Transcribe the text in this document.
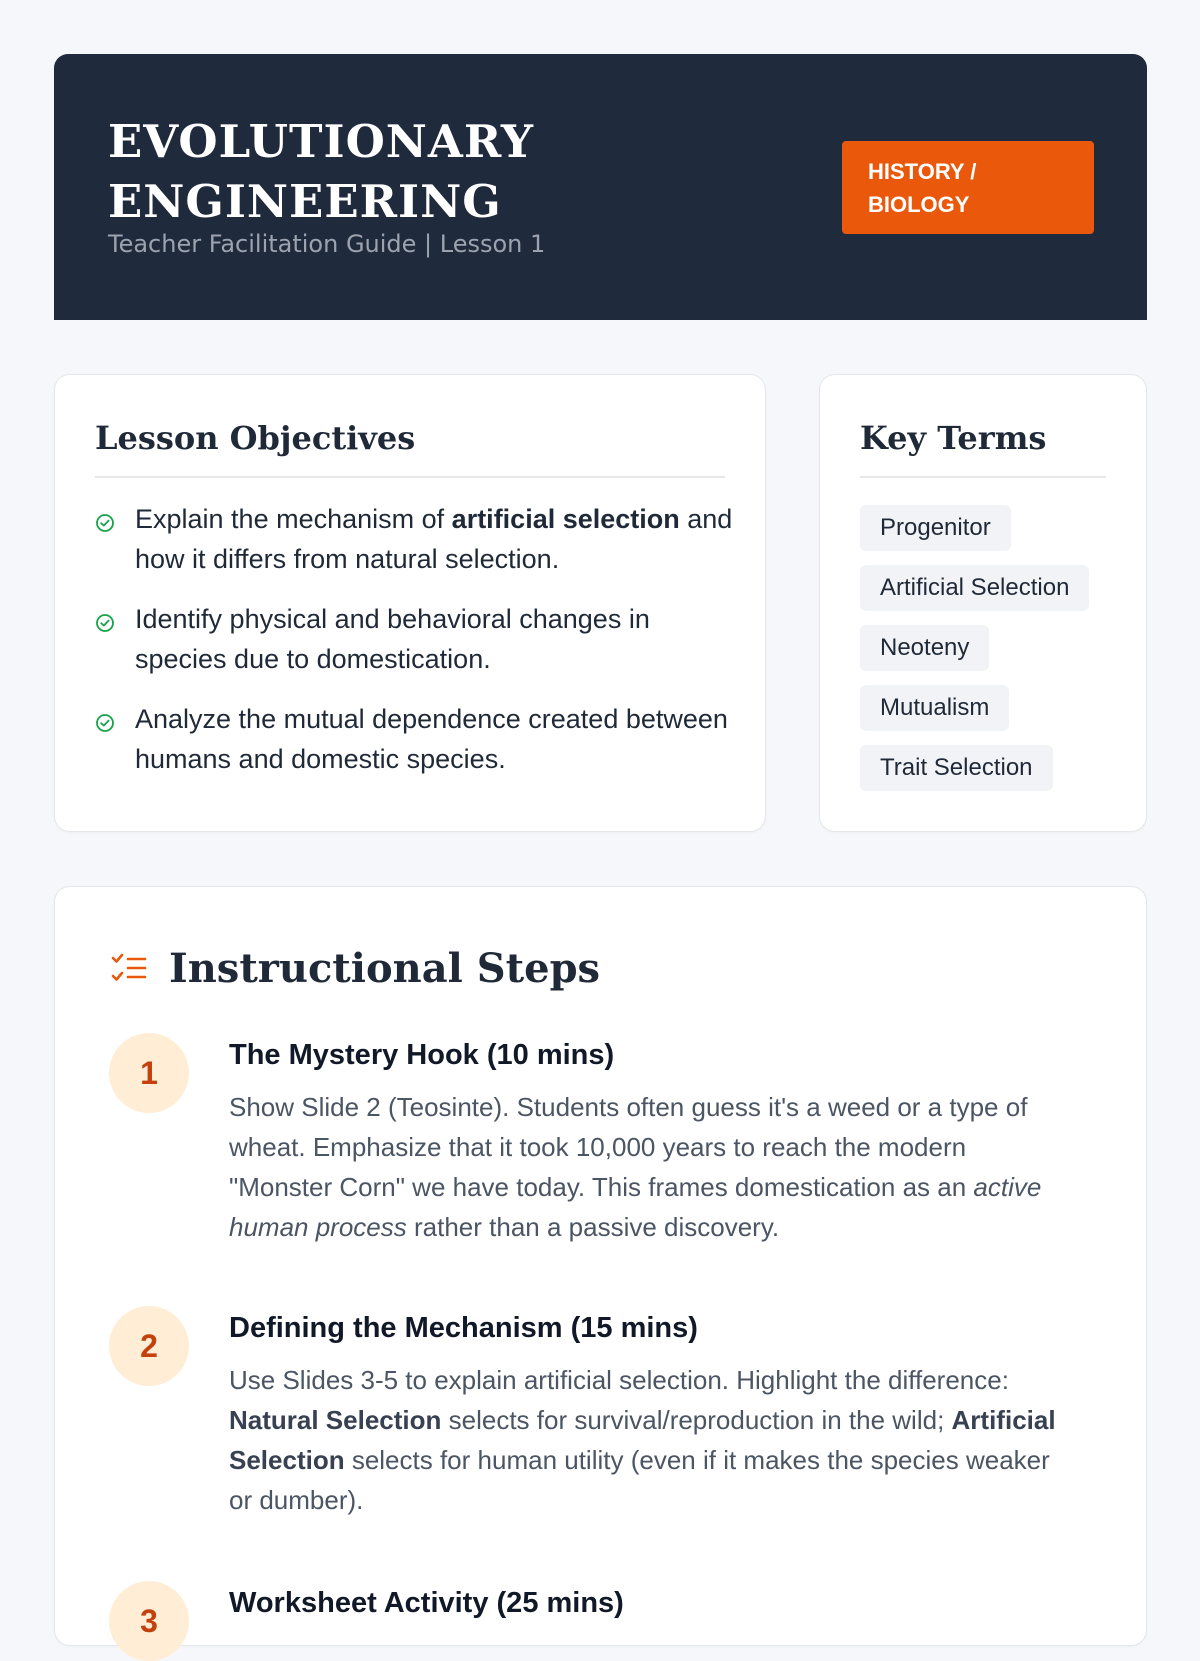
EVOLUTIONARY
ENGINEERING
Teacher Facilitation Guide | Lesson 1
HISTORY /
BIOLOGY
Lesson Objectives
Explain the mechanism of artificial selection and how it differs from natural selection.
Identify physical and behavioral changes in species due to domestication.
Analyze the mutual dependence created between humans and domestic species.
Key Terms
Progenitor
Artificial Selection
Neoteny
Mutualism
Trait Selection
Instructional Steps
1	The Mystery Hook (10 mins)

Show Slide 2 (Teosinte). Students often guess it's a weed or a type of wheat. Emphasize that it took 10,000 years to reach the modern "Monster Corn" we have today. This frames domestication as an active human process rather than a passive discovery.

2	Defining the Mechanism (15 mins)

Use Slides 3-5 to explain artificial selection. Highlight the difference: Natural Selection selects for survival/reproduction in the wild; Artificial Selection selects for human utility (even if it makes the species weaker or dumber).

3	Worksheet Activity (25 mins)
